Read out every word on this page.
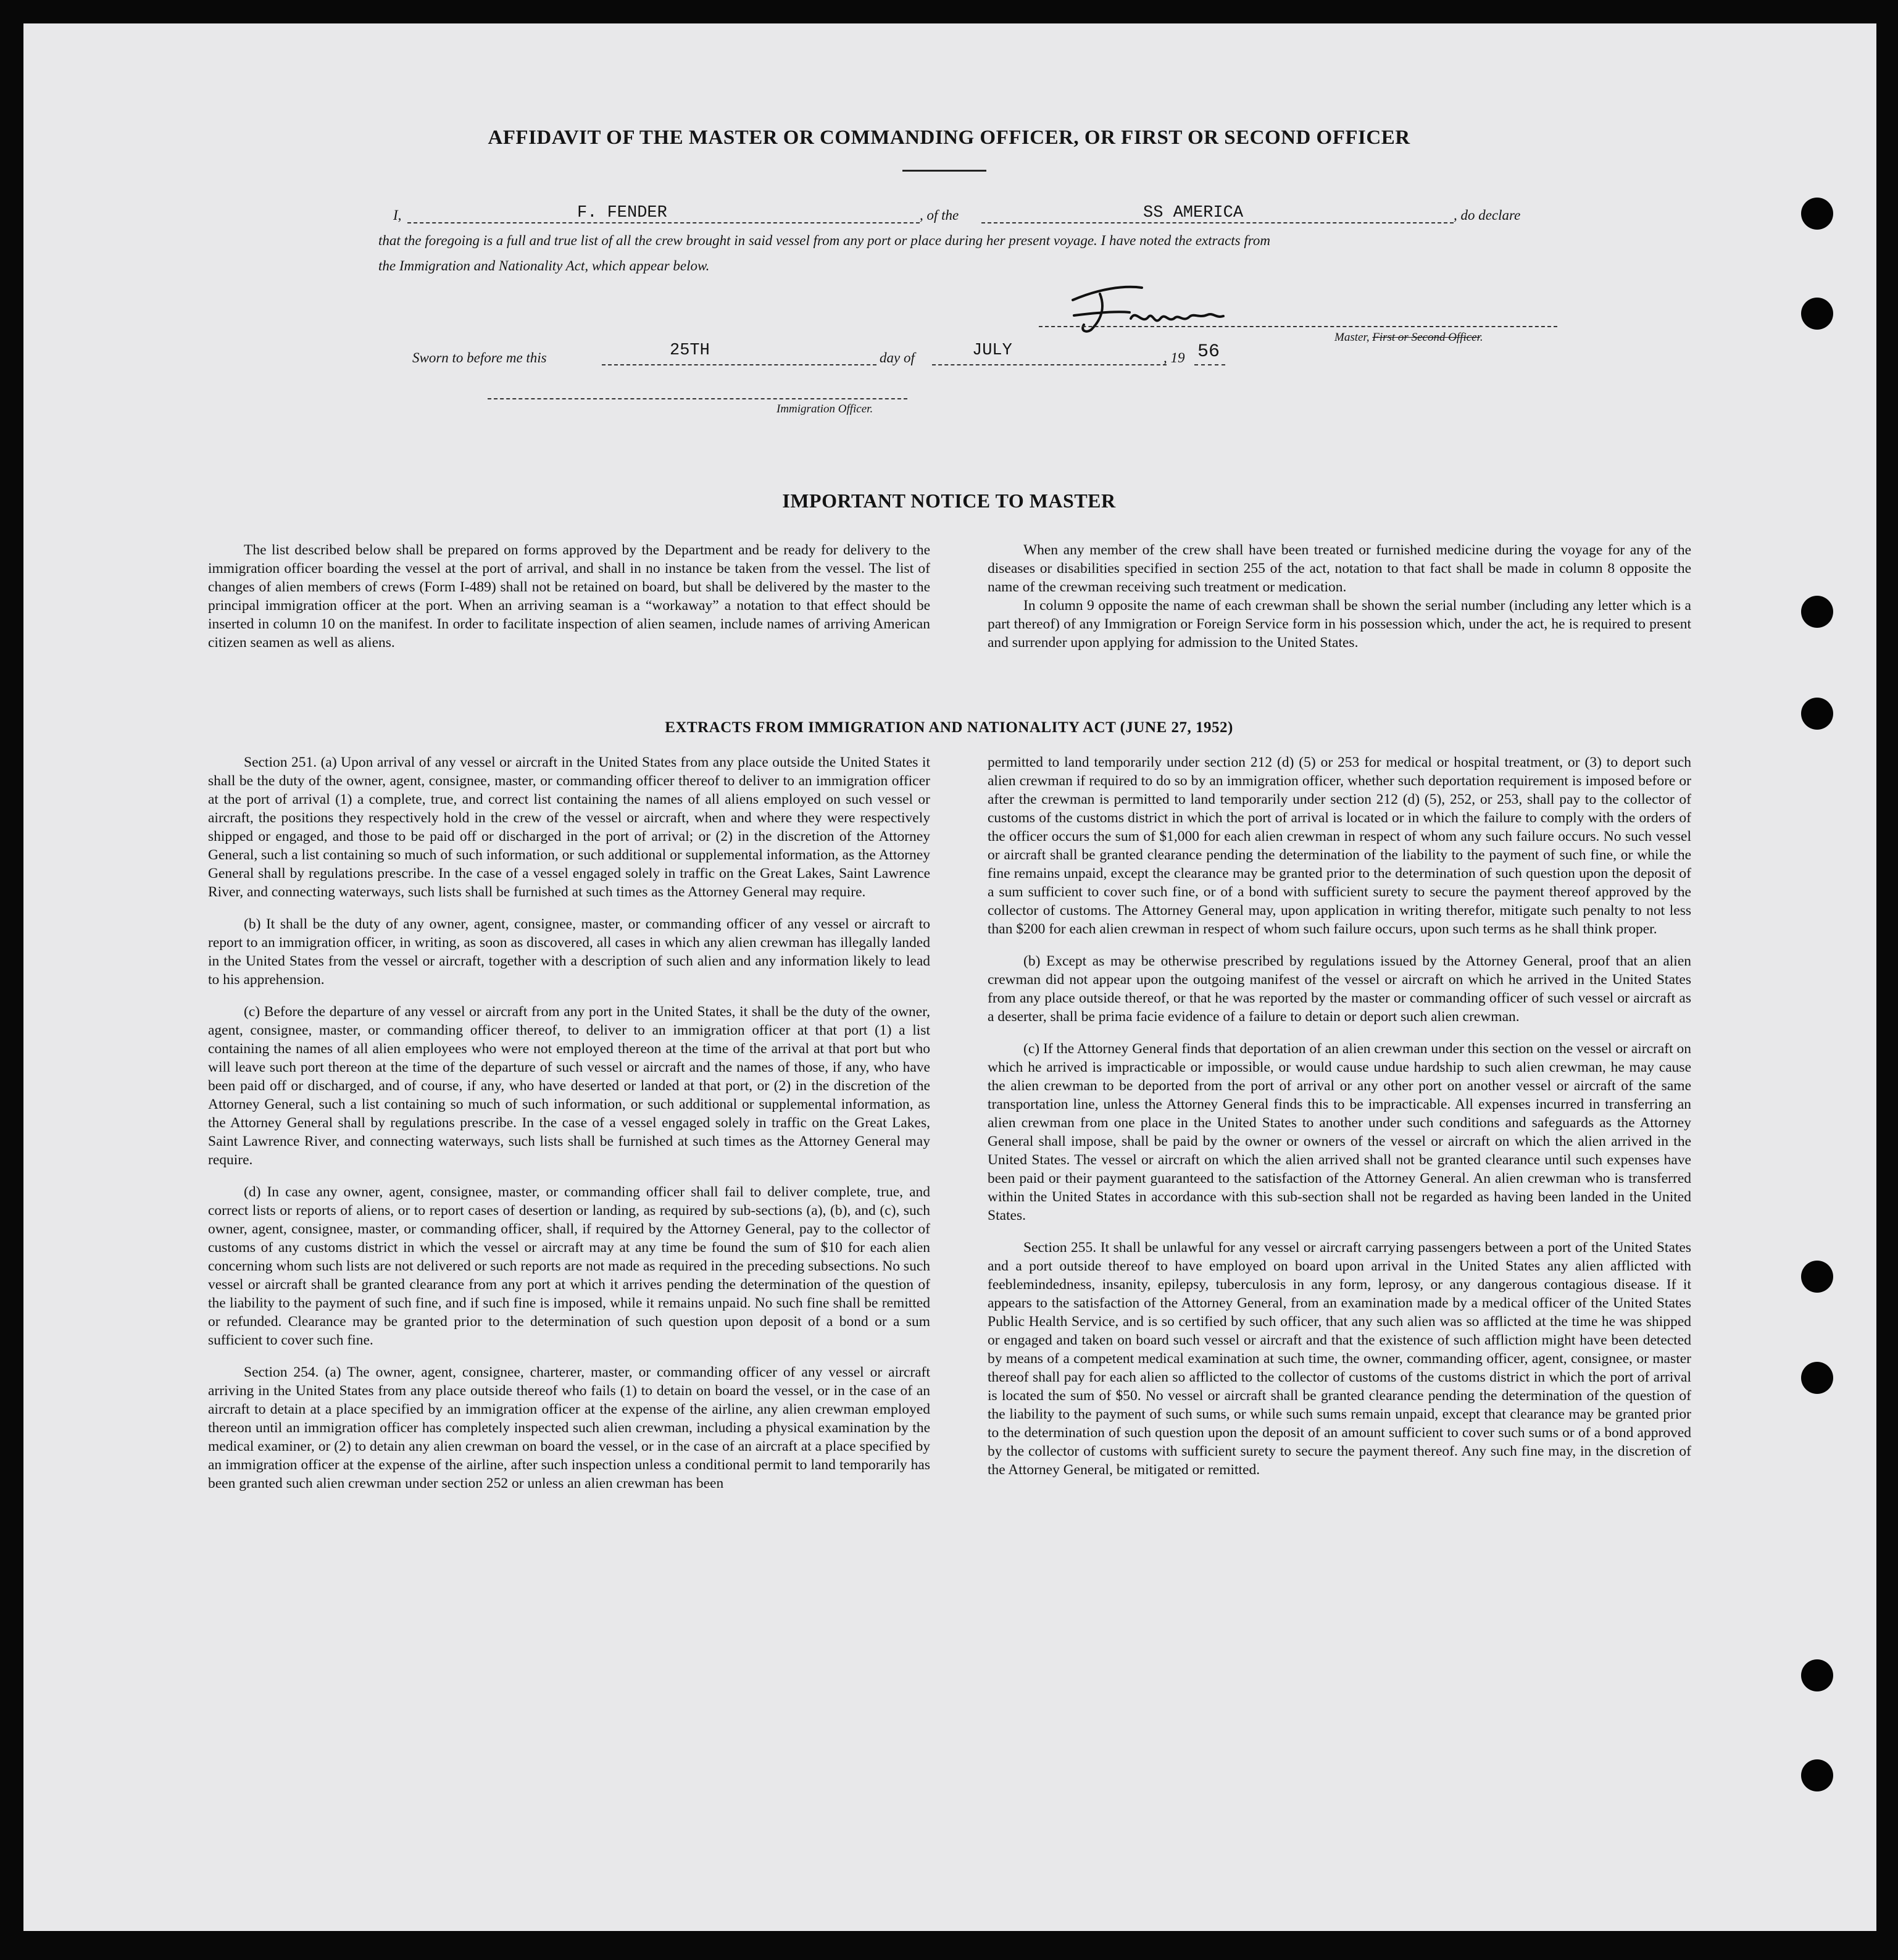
AFFIDAVIT OF THE MASTER OR COMMANDING OFFICER, OR FIRST OR SECOND OFFICER
I,	F. FENDER	, of the	SS AMERICA	, do declare
that the foregoing is a full and true list of all the crew brought in said vessel from any port or place during her present voyage. I have noted the extracts from
the Immigration and Nationality Act, which appear below.
Master, First or Second Officer.
Sworn to before me this	25TH	day of	JULY	, 19 56
Immigration Officer.
IMPORTANT NOTICE TO MASTER

The list described below shall be prepared on forms approved by the Department and be ready for delivery to the immigration officer boarding the vessel at the port of arrival, and shall in no instance be taken from the vessel. The list of changes of alien members of crews (Form I-489) shall not be retained on board, but shall be delivered by the master to the principal immigration officer at the port. When an arriving seaman is a “workaway” a notation to that effect should be inserted in column 10 on the manifest. In order to facilitate inspection of alien seamen, include names of arriving American citizen seamen as well as aliens.

When any member of the crew shall have been treated or furnished medicine during the voyage for any of the diseases or disabilities specified in section 255 of the act, notation to that fact shall be made in column 8 opposite the name of the crewman receiving such treatment or medication.

In column 9 opposite the name of each crewman shall be shown the serial number (including any letter which is a part thereof) of any Immigration or Foreign Service form in his possession which, under the act, he is required to present and surrender upon applying for admission to the United States.

EXTRACTS FROM IMMIGRATION AND NATIONALITY ACT (JUNE 27, 1952)

Section 251. (a) Upon arrival of any vessel or aircraft in the United States from any place outside the United States it shall be the duty of the owner, agent, consignee, master, or commanding officer thereof to deliver to an immigration officer at the port of arrival (1) a complete, true, and correct list containing the names of all aliens employed on such vessel or aircraft, the positions they respectively hold in the crew of the vessel or aircraft, when and where they were respectively shipped or engaged, and those to be paid off or discharged in the port of arrival; or (2) in the discretion of the Attorney General, such a list containing so much of such information, or such additional or supplemental information, as the Attorney General shall by regulations prescribe. In the case of a vessel engaged solely in traffic on the Great Lakes, Saint Lawrence River, and connecting waterways, such lists shall be furnished at such times as the Attorney General may require.

(b) It shall be the duty of any owner, agent, consignee, master, or commanding officer of any vessel or aircraft to report to an immigration officer, in writing, as soon as discovered, all cases in which any alien crewman has illegally landed in the United States from the vessel or aircraft, together with a description of such alien and any information likely to lead to his apprehension.

(c) Before the departure of any vessel or aircraft from any port in the United States, it shall be the duty of the owner, agent, consignee, master, or commanding officer thereof, to deliver to an immigration officer at that port (1) a list containing the names of all alien employees who were not employed thereon at the time of the arrival at that port but who will leave such port thereon at the time of the departure of such vessel or aircraft and the names of those, if any, who have been paid off or discharged, and of course, if any, who have deserted or landed at that port, or (2) in the discretion of the Attorney General, such a list containing so much of such information, or such additional or supplemental information, as the Attorney General shall by regulations prescribe. In the case of a vessel engaged solely in traffic on the Great Lakes, Saint Lawrence River, and connecting waterways, such lists shall be furnished at such times as the Attorney General may require.

(d) In case any owner, agent, consignee, master, or commanding officer shall fail to deliver complete, true, and correct lists or reports of aliens, or to report cases of desertion or landing, as required by sub-sections (a), (b), and (c), such owner, agent, consignee, master, or commanding officer, shall, if required by the Attorney General, pay to the collector of customs of any customs district in which the vessel or aircraft may at any time be found the sum of $10 for each alien concerning whom such lists are not delivered or such reports are not made as required in the preceding subsections. No such vessel or aircraft shall be granted clearance from any port at which it arrives pending the determination of the question of the liability to the payment of such fine, and if such fine is imposed, while it remains unpaid. No such fine shall be remitted or refunded. Clearance may be granted prior to the determination of such question upon deposit of a bond or a sum sufficient to cover such fine.

Section 254. (a) The owner, agent, consignee, charterer, master, or commanding officer of any vessel or aircraft arriving in the United States from any place outside thereof who fails (1) to detain on board the vessel, or in the case of an aircraft to detain at a place specified by an immigration officer at the expense of the airline, any alien crewman employed thereon until an immigration officer has completely inspected such alien crewman, including a physical examination by the medical examiner, or (2) to detain any alien crewman on board the vessel, or in the case of an aircraft at a place specified by an immigration officer at the expense of the airline, after such inspection unless a conditional permit to land temporarily has been granted such alien crewman under section 252 or unless an alien crewman has been

permitted to land temporarily under section 212 (d) (5) or 253 for medical or hospital treatment, or (3) to deport such alien crewman if required to do so by an immigration officer, whether such deportation requirement is imposed before or after the crewman is permitted to land temporarily under section 212 (d) (5), 252, or 253, shall pay to the collector of customs of the customs district in which the port of arrival is located or in which the failure to comply with the orders of the officer occurs the sum of $1,000 for each alien crewman in respect of whom any such failure occurs. No such vessel or aircraft shall be granted clearance pending the determination of the liability to the payment of such fine, or while the fine remains unpaid, except the clearance may be granted prior to the determination of such question upon the deposit of a sum sufficient to cover such fine, or of a bond with sufficient surety to secure the payment thereof approved by the collector of customs. The Attorney General may, upon application in writing therefor, mitigate such penalty to not less than $200 for each alien crewman in respect of whom such failure occurs, upon such terms as he shall think proper.

(b) Except as may be otherwise prescribed by regulations issued by the Attorney General, proof that an alien crewman did not appear upon the outgoing manifest of the vessel or aircraft on which he arrived in the United States from any place outside thereof, or that he was reported by the master or commanding officer of such vessel or aircraft as a deserter, shall be prima facie evidence of a failure to detain or deport such alien crewman.

(c) If the Attorney General finds that deportation of an alien crewman under this section on the vessel or aircraft on which he arrived is impracticable or impossible, or would cause undue hardship to such alien crewman, he may cause the alien crewman to be deported from the port of arrival or any other port on another vessel or aircraft of the same transportation line, unless the Attorney General finds this to be impracticable. All expenses incurred in transferring an alien crewman from one place in the United States to another under such conditions and safeguards as the Attorney General shall impose, shall be paid by the owner or owners of the vessel or aircraft on which the alien arrived in the United States. The vessel or aircraft on which the alien arrived shall not be granted clearance until such expenses have been paid or their payment guaranteed to the satisfaction of the Attorney General. An alien crewman who is transferred within the United States in accordance with this sub-section shall not be regarded as having been landed in the United States.

Section 255. It shall be unlawful for any vessel or aircraft carrying passengers between a port of the United States and a port outside thereof to have employed on board upon arrival in the United States any alien afflicted with feeblemindedness, insanity, epilepsy, tuberculosis in any form, leprosy, or any dangerous contagious disease. If it appears to the satisfaction of the Attorney General, from an examination made by a medical officer of the United States Public Health Service, and is so certified by such officer, that any such alien was so afflicted at the time he was shipped or engaged and taken on board such vessel or aircraft and that the existence of such affliction might have been detected by means of a competent medical examination at such time, the owner, commanding officer, agent, consignee, or master thereof shall pay for each alien so afflicted to the collector of customs of the customs district in which the port of arrival is located the sum of $50. No vessel or aircraft shall be granted clearance pending the determination of the question of the liability to the payment of such sums, or while such sums remain unpaid, except that clearance may be granted prior to the determination of such question upon the deposit of an amount sufficient to cover such sums or of a bond approved by the collector of customs with sufficient surety to secure the payment thereof. Any such fine may, in the discretion of the Attorney General, be mitigated or remitted.
